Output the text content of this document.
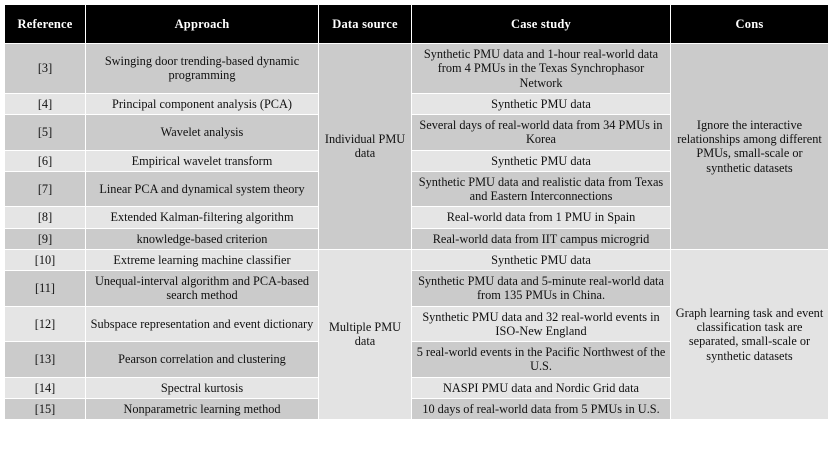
Reference	Approach	Data source	Case study	Cons
[3]	Swinging door trending-based dynamic programming	Individual PMU data	Synthetic PMU data and 1-hour real-world data from 4 PMUs in the Texas Synchrophasor Network	Ignore the interactive relationships among different PMUs, small-scale or synthetic datasets
[4]	Principal component analysis (PCA)		Synthetic PMU data	
[5]	Wavelet analysis		Several days of real-world data from 34 PMUs in Korea	
[6]	Empirical wavelet transform		Synthetic PMU data	
[7]	Linear PCA and dynamical system theory		Synthetic PMU data and realistic data from Texas and Eastern Interconnections	
[8]	Extended Kalman-filtering algorithm		Real-world data from 1 PMU in Spain	
[9]	knowledge-based criterion		Real-world data from IIT campus microgrid	
[10]	Extreme learning machine classifier	Multiple PMU data	Synthetic PMU data	Graph learning task and event classification task are separated, small-scale or synthetic datasets
[11]	Unequal-interval algorithm and PCA-based search method		Synthetic PMU data and 5-minute real-world data from 135 PMUs in China.	
[12]	Subspace representation and event dictionary		Synthetic PMU data and 32 real-world events in ISO-New England	
[13]	Pearson correlation and clustering		5 real-world events in the Pacific Northwest of the U.S.	
[14]	Spectral kurtosis		NASPI PMU data and Nordic Grid data	
[15]	Nonparametric learning method		10 days of real-world data from 5 PMUs in U.S.	
